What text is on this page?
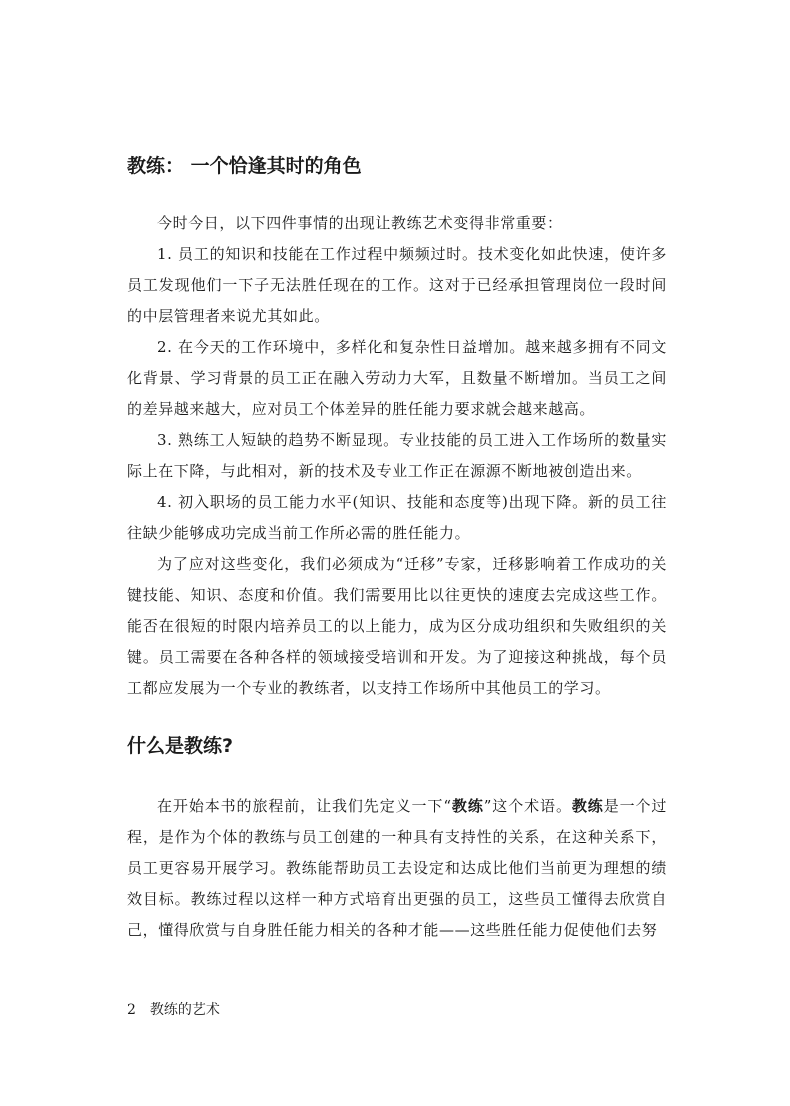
教练： 一个恰逢其时的角色

今时今日，以下四件事情的出现让教练艺术变得非常重要：

1. 员工的知识和技能在工作过程中频频过时。技术变化如此快速，使许多员工发现他们一下子无法胜任现在的工作。这对于已经承担管理岗位一段时间的中层管理者来说尤其如此。

2. 在今天的工作环境中，多样化和复杂性日益增加。越来越多拥有不同文化背景、学习背景的员工正在融入劳动力大军，且数量不断增加。当员工之间的差异越来越大，应对员工个体差异的胜任能力要求就会越来越高。

3. 熟练工人短缺的趋势不断显现。专业技能的员工进入工作场所的数量实际上在下降，与此相对，新的技术及专业工作正在源源不断地被创造出来。

4. 初入职场的员工能力水平(知识、技能和态度等)出现下降。新的员工往往缺少能够成功完成当前工作所必需的胜任能力。

为了应对这些变化，我们必须成为“迁移”专家，迁移影响着工作成功的关键技能、知识、态度和价值。我们需要用比以往更快的速度去完成这些工作。能否在很短的时限内培养员工的以上能力，成为区分成功组织和失败组织的关键。员工需要在各种各样的领域接受培训和开发。为了迎接这种挑战，每个员工都应发展为一个专业的教练者，以支持工作场所中其他员工的学习。

什么是教练?

在开始本书的旅程前，让我们先定义一下“教练”这个术语。教练是一个过程，是作为个体的教练与员工创建的一种具有支持性的关系，在这种关系下，员工更容易开展学习。教练能帮助员工去设定和达成比他们当前更为理想的绩效目标。教练过程以这样一种方式培育出更强的员工，这些员工懂得去欣赏自己，懂得欣赏与自身胜任能力相关的各种才能——这些胜任能力促使他们去努

2 教练的艺术
